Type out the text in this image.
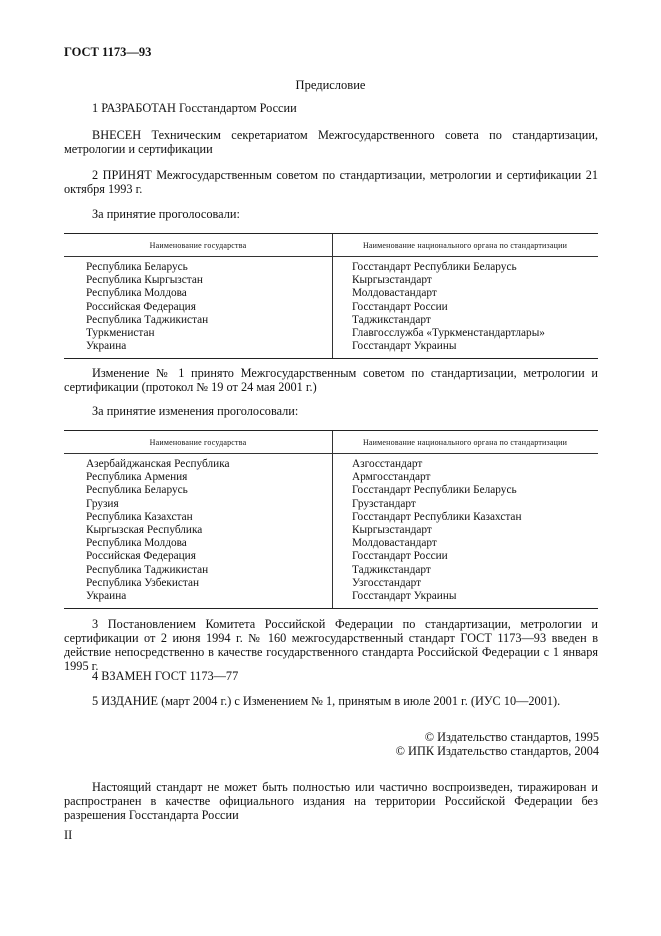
ГОСТ 1173—93
Предисловие
1 РАЗРАБОТАН Госстандартом России
ВНЕСЕН Техническим секретариатом Межгосударственного совета по стандартизации, метрологии и сертификации
2 ПРИНЯТ Межгосударственным советом по стандартизации, метрологии и сертификации 21 октября 1993 г.
За принятие проголосовали:
Наименование государства	Наименование национального органа по стандартизации
Республика Беларусь
Республика Кыргызстан
Республика Молдова
Российская Федерация
Республика Таджикистан
Туркменистан
Украина
Госстандарт Республики Беларусь
Кыргызстандарт
Молдовастандарт
Госстандарт России
Таджикстандарт
Главгосслужба «Туркменстандартлары»
Госстандарт Украины
Изменение № 1 принято Межгосударственным советом по стандартизации, метрологии и сертификации (протокол № 19 от 24 мая 2001 г.)
За принятие изменения проголосовали:
Наименование государства	Наименование национального органа по стандартизации
Азербайджанская Республика
Республика Армения
Республика Беларусь
Грузия
Республика Казахстан
Кыргызская Республика
Республика Молдова
Российская Федерация
Республика Таджикистан
Республика Узбекистан
Украина
Азгосстандарт
Армгосстандарт
Госстандарт Республики Беларусь
Грузстандарт
Госстандарт Республики Казахстан
Кыргызстандарт
Молдовастандарт
Госстандарт России
Таджикстандарт
Узгосстандарт
Госстандарт Украины
3 Постановлением Комитета Российской Федерации по стандартизации, метрологии и сертификации от 2 июня 1994 г. № 160 межгосударственный стандарт ГОСТ 1173—93 введен в действие непосредственно в качестве государственного стандарта Российской Федерации с 1 января 1995 г.
4 ВЗАМЕН ГОСТ 1173—77
5 ИЗДАНИЕ (март 2004 г.) с Изменением № 1, принятым в июле 2001 г. (ИУС 10—2001).
© Издательство стандартов, 1995
© ИПК Издательство стандартов, 2004
Настоящий стандарт не может быть полностью или частично воспроизведен, тиражирован и распространен в качестве официального издания на территории Российской Федерации без разрешения Госстандарта России
II
